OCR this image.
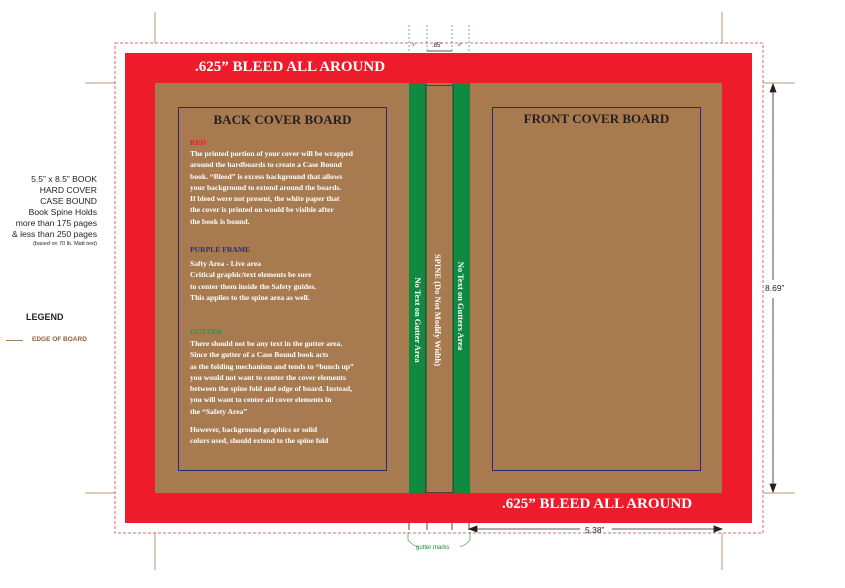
.625” BLEED ALL AROUND
.625” BLEED ALL AROUND
BACK COVER BOARD	FRONT COVER BOARD
RED
The printed portion of your cover will be wrapped
around the hardboards to create a Case Bound
book. “Bleed” is excess background that allows
your background to extend around the boards.
If bleed were not present, the white paper that
the cover is printed on would be visible after
the book is bound.
PURPLE FRAME
Safty Area - Live area
Critical graphic/text elements be sure
to center them inside the Safety guides.
This applies to the spine area as well.
GUTTER
There should not be any text in the gutter area.
Since the gutter of a Case Bound book acts
as the folding mechanism and tends to “bunch up”
you would not want to center the cover elements
between the spine fold and edge of board. Instead,
you will want to center all cover elements in
the “Safety Area”
However, background graphics or solid
colors used, should extend to the spine fold
No Text on Gutter Area SPINE (Do Not Modify Width) No Text on Gutters Area
5.5” x 8.5” BOOK
HARD COVER
CASE BOUND
Book Spine Holds
more than 175 pages
& less than 250 pages
(based on 70 lb. Matt text)
LEGEND
EDGE OF BOARD
.3”	.85”	.3”
8.69”
5.38”
gutter marks
